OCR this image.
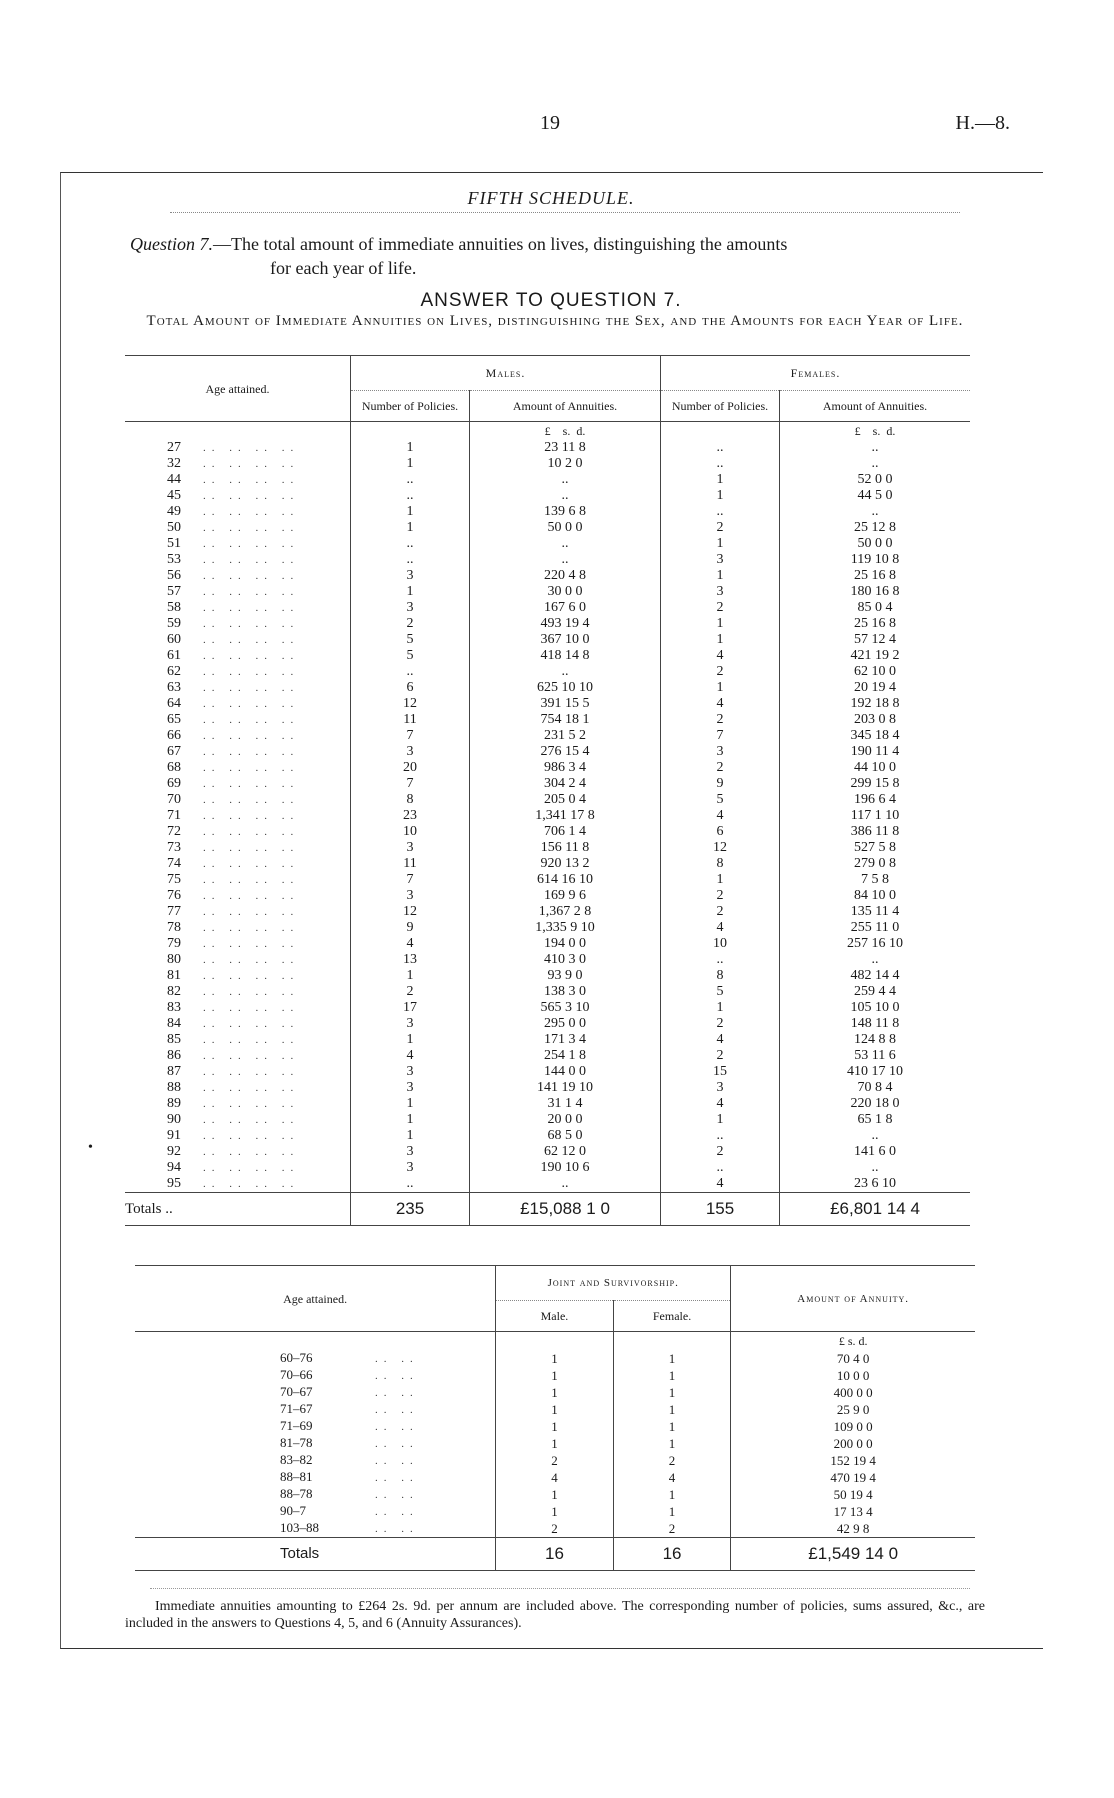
19	H.—8.
FIFTH SCHEDULE.
Question 7.—The total amount of immediate annuities on lives, distinguishing the amounts
for each year of life.
ANSWER TO QUESTION 7.
Total Amount of Immediate Annuities on Lives, distinguishing the Sex, and the Amounts for each Year of Life.
Age attained.	Males.		Females.	
	Number of Policies.	Amount of Annuities.	Number of Policies.	Amount of Annuities.
		£ s. d.		£ s. d.
27 .. .. .. ..	1	23 11 8	..	..
32 .. .. .. ..	1	10 2 0	..	..
44 .. .. .. ..	..	..	1	52 0 0
45 .. .. .. ..	..	..	1	44 5 0
49 .. .. .. ..	1	139 6 8	..	..
50 .. .. .. ..	1	50 0 0	2	25 12 8
51 .. .. .. ..	..	..	1	50 0 0
53 .. .. .. ..	..	..	3	119 10 8
56 .. .. .. ..	3	220 4 8	1	25 16 8
57 .. .. .. ..	1	30 0 0	3	180 16 8
58 .. .. .. ..	3	167 6 0	2	85 0 4
59 .. .. .. ..	2	493 19 4	1	25 16 8
60 .. .. .. ..	5	367 10 0	1	57 12 4
61 .. .. .. ..	5	418 14 8	4	421 19 2
62 .. .. .. ..	..	..	2	62 10 0
63 .. .. .. ..	6	625 10 10	1	20 19 4
64 .. .. .. ..	12	391 15 5	4	192 18 8
65 .. .. .. ..	11	754 18 1	2	203 0 8
66 .. .. .. ..	7	231 5 2	7	345 18 4
67 .. .. .. ..	3	276 15 4	3	190 11 4
68 .. .. .. ..	20	986 3 4	2	44 10 0
69 .. .. .. ..	7	304 2 4	9	299 15 8
70 .. .. .. ..	8	205 0 4	5	196 6 4
71 .. .. .. ..	23	1,341 17 8	4	117 1 10
72 .. .. .. ..	10	706 1 4	6	386 11 8
73 .. .. .. ..	3	156 11 8	12	527 5 8
74 .. .. .. ..	11	920 13 2	8	279 0 8
75 .. .. .. ..	7	614 16 10	1	7 5 8
76 .. .. .. ..	3	169 9 6	2	84 10 0
77 .. .. .. ..	12	1,367 2 8	2	135 11 4
78 .. .. .. ..	9	1,335 9 10	4	255 11 0
79 .. .. .. ..	4	194 0 0	10	257 16 10
80 .. .. .. ..	13	410 3 0	..	..
81 .. .. .. ..	1	93 9 0	8	482 14 4
82 .. .. .. ..	2	138 3 0	5	259 4 4
83 .. .. .. ..	17	565 3 10	1	105 10 0
84 .. .. .. ..	3	295 0 0	2	148 11 8
85 .. .. .. ..	1	171 3 4	4	124 8 8
86 .. .. .. ..	4	254 1 8	2	53 11 6
87 .. .. .. ..	3	144 0 0	15	410 17 10
88 .. .. .. ..	3	141 19 10	3	70 8 4
89 .. .. .. ..	1	31 1 4	4	220 18 0
90 .. .. .. ..	1	20 0 0	1	65 1 8
91 .. .. .. ..	1	68 5 0	..	..
92 .. .. .. ..	3	62 12 0	2	141 6 0
94 .. .. .. ..	3	190 10 6	..	..
95 .. .. .. ..	..	..	4	23 6 10
Totals ..	235	£15,088 1 0	155	£6,801 14 4
•
Age attained.	Joint and Survivorship.		Amount of Annuity.
	Male.	Female.	
			£ s. d.
60–76 .. ..	1	1	70 4 0
70–66 .. ..	1	1	10 0 0
70–67 .. ..	1	1	400 0 0
71–67 .. ..	1	1	25 9 0
71–69 .. ..	1	1	109 0 0
81–78 .. ..	1	1	200 0 0
83–82 .. ..	2	2	152 19 4
88–81 .. ..	4	4	470 19 4
88–78 .. ..	1	1	50 19 4
90–7 .. ..	1	1	17 13 4
103–88 .. ..	2	2	42 9 8
Totals	16	16	£1,549 14 0
Immediate annuities amounting to £264 2s. 9d. per annum are included above. The corresponding number of policies, sums assured, &c., are included in the answers to Questions 4, 5, and 6 (Annuity Assurances).
